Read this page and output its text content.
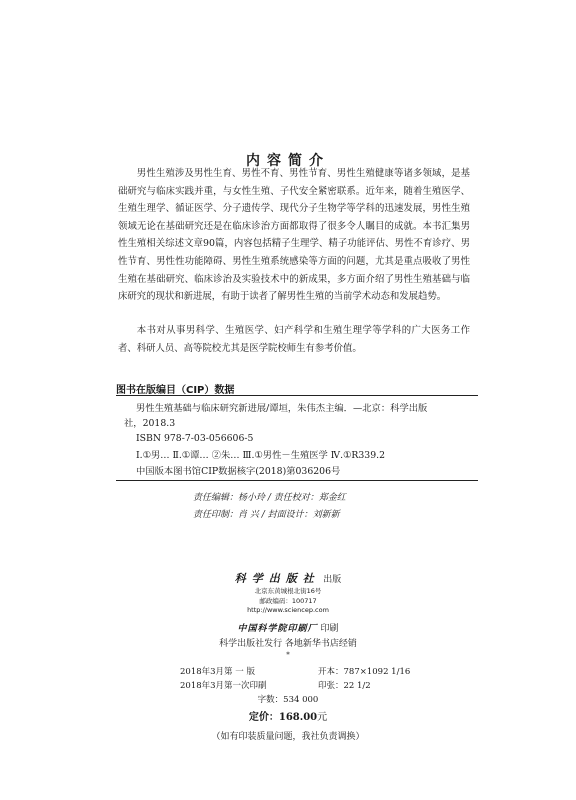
内容简介

男性生殖涉及男性生育、男性不育、男性节育、男性生殖健康等诸多领域，是基础研究与临床实践并重，与女性生殖、子代安全紧密联系。近年来，随着生殖医学、生殖生理学、循证医学、分子遗传学、现代分子生物学等学科的迅速发展，男性生殖领域无论在基础研究还是在临床诊治方面都取得了很多令人瞩目的成就。本书汇集男性生殖相关综述文章90篇，内容包括精子生理学、精子功能评估、男性不育诊疗、男性节育、男性性功能障碍、男性生殖系统感染等方面的问题，尤其是重点吸收了男性生殖在基础研究、临床诊治及实验技术中的新成果，多方面介绍了男性生殖基础与临床研究的现状和新进展，有助于读者了解男性生殖的当前学术动态和发展趋势。

本书对从事男科学、生殖医学、妇产科学和生殖生理学等学科的广大医务工作者、科研人员、高等院校尤其是医学院校师生有参考价值。

图书在版编目（CIP）数据
男性生殖基础与临床研究新进展/谭垣，朱伟杰主编．—北京：科学出版
社，2018.3
ISBN 978-7-03-056606-5
Ⅰ.①男… Ⅱ.①谭… ②朱… Ⅲ.①男性－生殖医学 Ⅳ.①R339.2
中国版本图书馆CIP数据核字(2018)第036206号
责任编辑：杨小玲 / 责任校对：郑金红
责任印制：肖 兴 / 封面设计：刘新新
科学出版社 出版
北京东黄城根北街16号
邮政编码：100717
http://www.sciencep.com
中国科学院印刷厂 印刷
科学出版社发行 各地新华书店经销
*
2018年3月第 一 版	开本：787×1092 1/16
2018年3月第一次印刷	印张：22 1/2
字数：534 000
定价：168.00元
（如有印装质量问题，我社负责调换）
